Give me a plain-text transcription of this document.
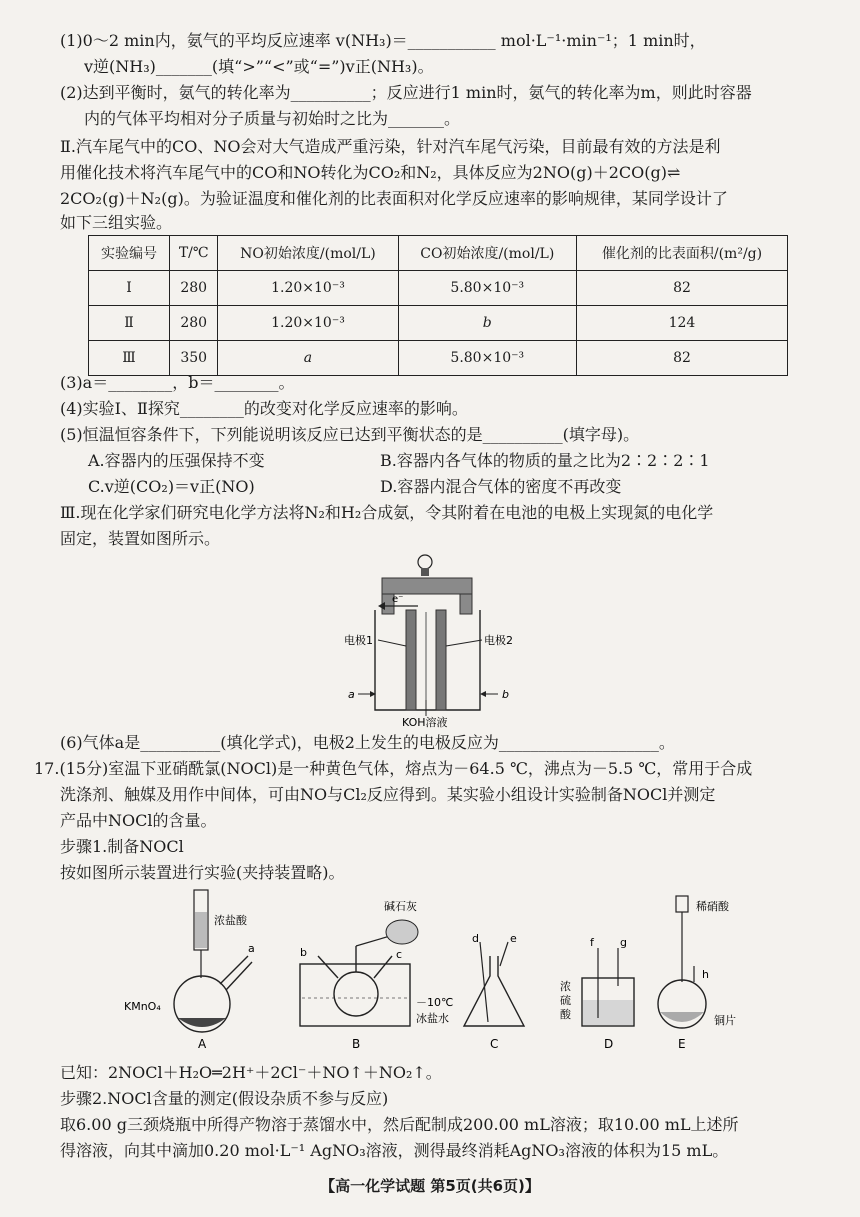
(1)0～2 min内，氨气的平均反应速率 v(NH₃)＝___________ mol·L⁻¹·min⁻¹；1 min时，
v逆(NH₃)_______(填“>”“<”或“=”)v正(NH₃)。
(2)达到平衡时，氨气的转化率为__________；反应进行1 min时，氨气的转化率为m，则此时容器
内的气体平均相对分子质量与初始时之比为_______。
Ⅱ.汽车尾气中的CO、NO会对大气造成严重污染，针对汽车尾气污染，目前最有效的方法是利
用催化技术将汽车尾气中的CO和NO转化为CO₂和N₂，具体反应为2NO(g)＋2CO(g)⇌
2CO₂(g)＋N₂(g)。为验证温度和催化剂的比表面积对化学反应速率的影响规律，某同学设计了
如下三组实验。
实验编号	T/℃	NO初始浓度/(mol/L)	CO初始浓度/(mol/L)	催化剂的比表面积/(m²/g)
Ⅰ	280	1.20×10⁻³	5.80×10⁻³	82
Ⅱ	280	1.20×10⁻³	b	124
Ⅲ	350	a	5.80×10⁻³	82
(3)a＝________，b＝________。
(4)实验Ⅰ、Ⅱ探究________的改变对化学反应速率的影响。
(5)恒温恒容条件下，下列能说明该反应已达到平衡状态的是__________(填字母)。
A.容器内的压强保持不变	B.容器内各气体的物质的量之比为2∶2∶2∶1
C.v逆(CO₂)＝v正(NO)	D.容器内混合气体的密度不再改变
Ⅲ.现在化学家们研究电化学方法将N₂和H₂合成氨，令其附着在电池的电极上实现氮的电化学
固定，装置如图所示。
e⁻
电极1	电极2
a	b
KOH溶液
(6)气体a是__________(填化学式)，电极2上发生的电极反应为____________________。
17.(15分)室温下亚硝酰氯(NOCl)是一种黄色气体，熔点为－64.5 ℃，沸点为－5.5 ℃，常用于合成
洗涤剂、触媒及用作中间体，可由NO与Cl₂反应得到。某实验小组设计实验制备NOCl并测定
产品中NOCl的含量。
步骤1.制备NOCl
按如图所示装置进行实验(夹持装置略)。
浓盐酸
a
KMnO₄
A
碱石灰
b	c
－10℃
冰盐水
B
d	e
C
f g
浓
硫
酸
D
稀硝酸
h
铜片
E
已知：2NOCl＋H₂O═2H⁺＋2Cl⁻＋NO↑＋NO₂↑。
步骤2.NOCl含量的测定(假设杂质不参与反应)
取6.00 g三颈烧瓶中所得产物溶于蒸馏水中，然后配制成200.00 mL溶液；取10.00 mL上述所
得溶液，向其中滴加0.20 mol·L⁻¹ AgNO₃溶液，测得最终消耗AgNO₃溶液的体积为15 mL。
【高一化学试题 第5页(共6页)】
